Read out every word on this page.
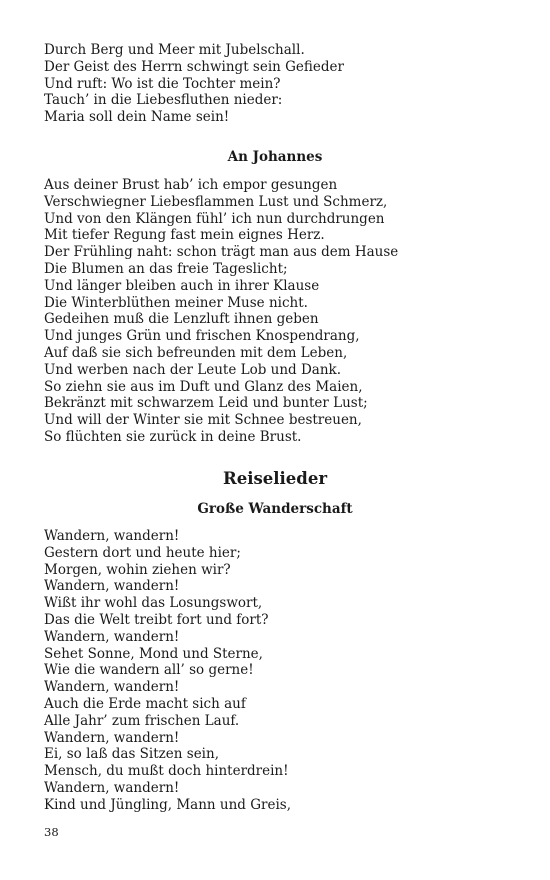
Durch Berg und Meer mit Jubelschall.
Der Geist des Herrn schwingt sein Gefieder
Und ruft: Wo ist die Tochter mein?
Tauch’ in die Liebesfluthen nieder:
Maria soll dein Name sein!
An Johannes
Aus deiner Brust hab’ ich empor gesungen
Verschwiegner Liebesflammen Lust und Schmerz,
Und von den Klängen fühl’ ich nun durchdrungen
Mit tiefer Regung fast mein eignes Herz.
Der Frühling naht: schon trägt man aus dem Hause
Die Blumen an das freie Tageslicht;
Und länger bleiben auch in ihrer Klause
Die Winterblüthen meiner Muse nicht.
Gedeihen muß die Lenzluft ihnen geben
Und junges Grün und frischen Knospendrang,
Auf daß sie sich befreunden mit dem Leben,
Und werben nach der Leute Lob und Dank.
So ziehn sie aus im Duft und Glanz des Maien,
Bekränzt mit schwarzem Leid und bunter Lust;
Und will der Winter sie mit Schnee bestreuen,
So flüchten sie zurück in deine Brust.
Reiselieder
Große Wanderschaft
Wandern, wandern!
Gestern dort und heute hier;
Morgen, wohin ziehen wir?
Wandern, wandern!
Wißt ihr wohl das Losungswort,
Das die Welt treibt fort und fort?
Wandern, wandern!
Sehet Sonne, Mond und Sterne,
Wie die wandern all’ so gerne!
Wandern, wandern!
Auch die Erde macht sich auf
Alle Jahr’ zum frischen Lauf.
Wandern, wandern!
Ei, so laß das Sitzen sein,
Mensch, du mußt doch hinterdrein!
Wandern, wandern!
Kind und Jüngling, Mann und Greis,
38
